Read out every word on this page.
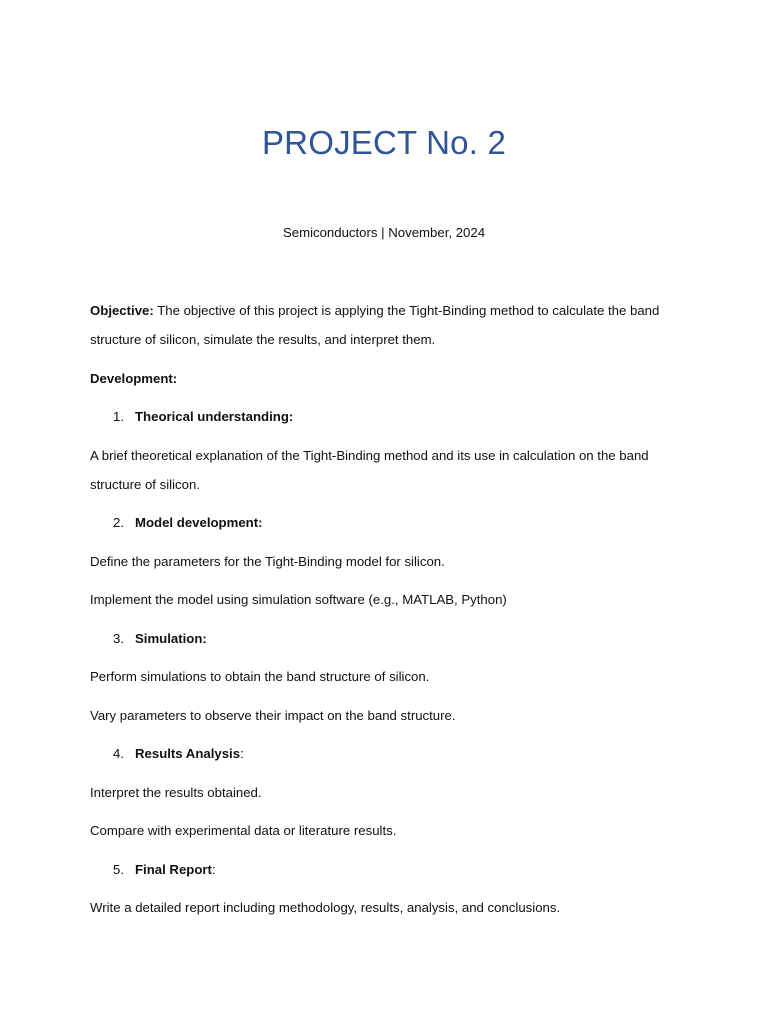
PROJECT No. 2
Semiconductors | November, 2024

Objective: The objective of this project is applying the Tight-Binding method to calculate the band structure of silicon, simulate the results, and interpret them.

Development:

1. Theorical understanding:

A brief theoretical explanation of the Tight-Binding method and its use in calculation on the band structure of silicon.

2. Model development:

Define the parameters for the Tight-Binding model for silicon.

Implement the model using simulation software (e.g., MATLAB, Python)

3. Simulation:

Perform simulations to obtain the band structure of silicon.

Vary parameters to observe their impact on the band structure.

4. Results Analysis:

Interpret the results obtained.

Compare with experimental data or literature results.

5. Final Report:

Write a detailed report including methodology, results, analysis, and conclusions.
